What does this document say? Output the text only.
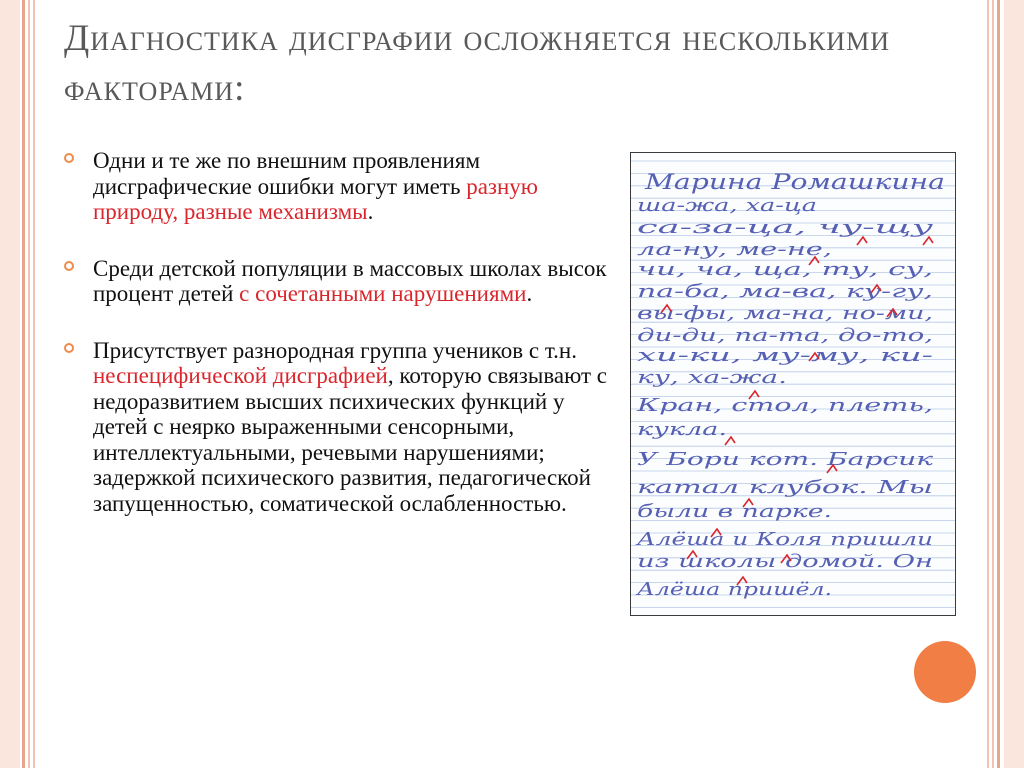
Диагностика дисграфии осложняется несколькими факторами:
Одни и те же по внешним проявлениям дисграфические ошибки могут иметь разную природу, разные механизмы.
Среди детской популяции в массовых школах высок процент детей с сочетанными нарушениями.
Присутствует разнородная группа учеников с т.н. неспецифической дисграфией, которую связывают с недоразвитием высших психических функций у детей с неярко выраженными сенсорными, интеллектуальными, речевыми нарушениями; задержкой психического развития, педагогической запущенностью, соматической ослабленностью.
Марина Ромашкина
ша-жа, ха-ца
са-за-ца, чу-щу
ла-ну, ме-не,
чи, ча, ща, ту, су,
па-ба, ма-ва, ку-гу,
вы-фы, ма-на, но-ми,
ди-ди, па-та, до-то,
хи-ки, му-му, ки-
ку, ха-жа.
Кран, стол, плеть,
кукла.
У Бори кот. Барсик
катал клубок. Мы
были в парке.
Алёша и Коля пришли
из школы домой. Он
Алёша пришёл.
